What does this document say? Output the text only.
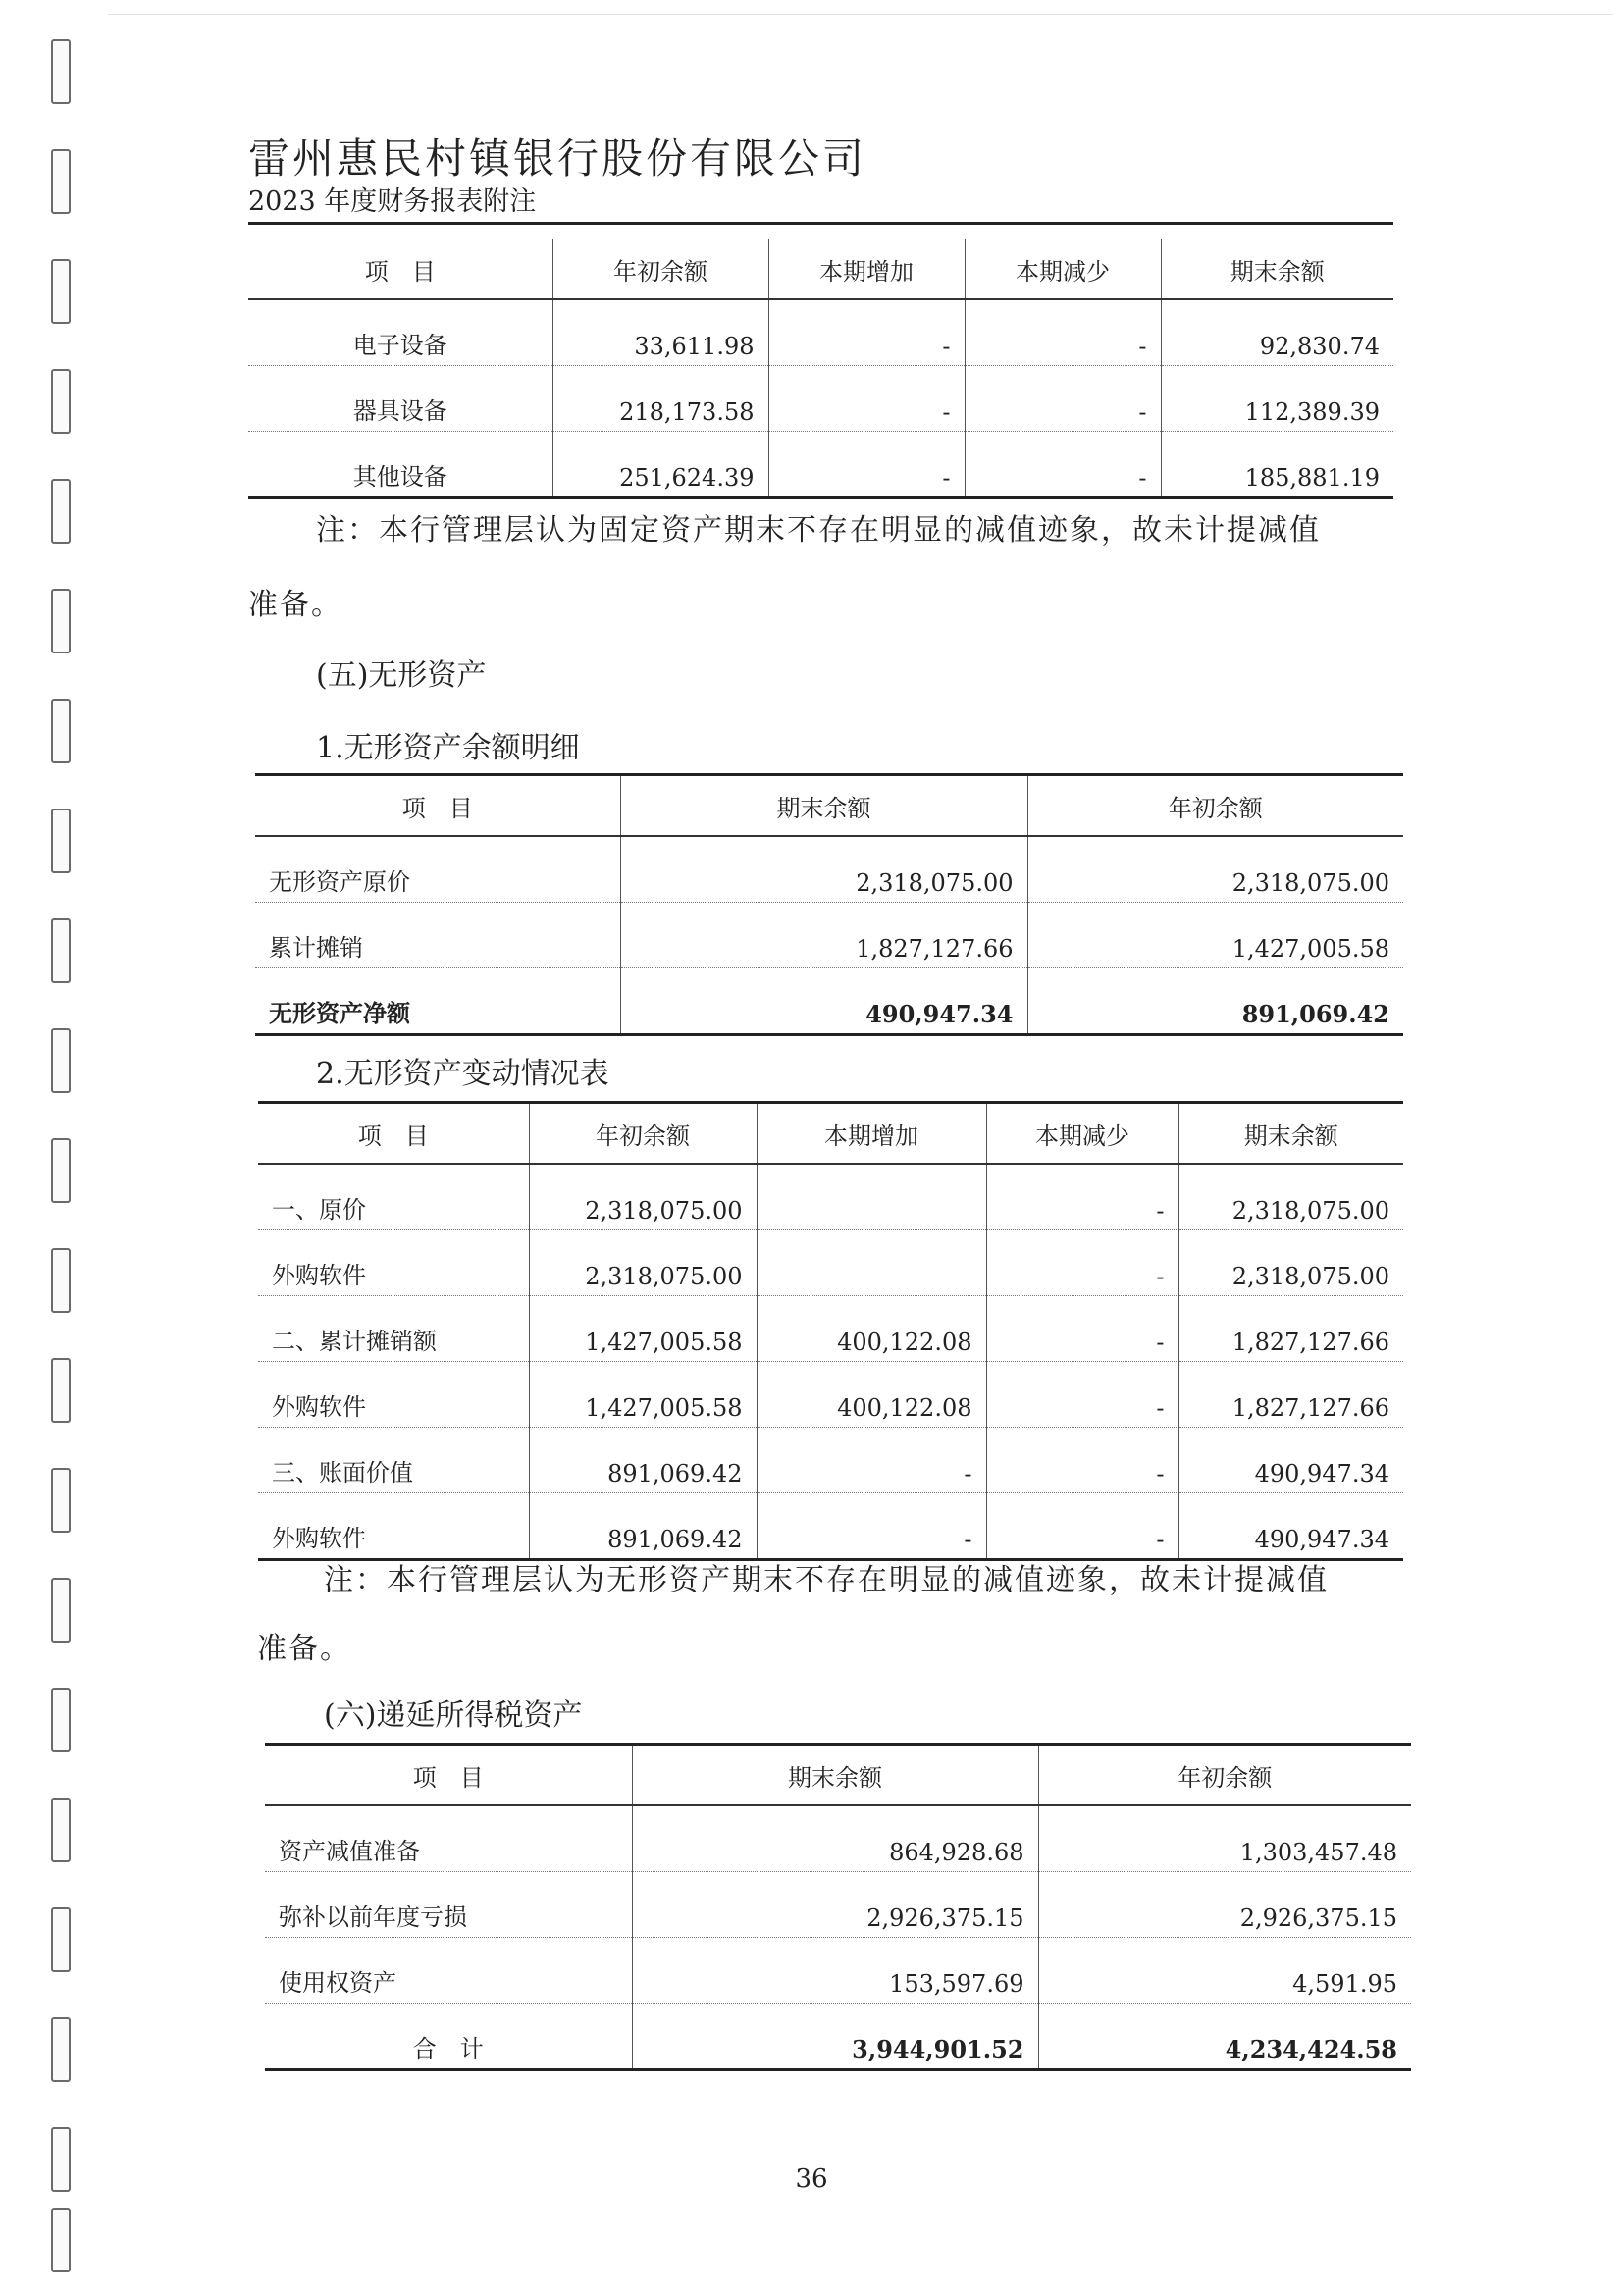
雷州惠民村镇银行股份有限公司
2023 年度财务报表附注
项　目	年初余额	本期增加	本期减少	期末余额
电子设备	33,611.98	-	-	92,830.74
器具设备	218,173.58	-	-	112,389.39
其他设备	251,624.39	-	-	185,881.19
注：本行管理层认为固定资产期末不存在明显的减值迹象，故未计提减值
准备。
(五)无形资产
1.无形资产余额明细
项　目	期末余额	年初余额
无形资产原价	2,318,075.00	2,318,075.00
累计摊销	1,827,127.66	1,427,005.58
无形资产净额	490,947.34	891,069.42
2.无形资产变动情况表
项　目	年初余额	本期增加	本期减少	期末余额
一、原价	2,318,075.00		-	2,318,075.00
外购软件	2,318,075.00		-	2,318,075.00
二、累计摊销额	1,427,005.58	400,122.08	-	1,827,127.66
外购软件	1,427,005.58	400,122.08	-	1,827,127.66
三、账面价值	891,069.42	-	-	490,947.34
外购软件	891,069.42	-	-	490,947.34
注：本行管理层认为无形资产期末不存在明显的减值迹象，故未计提减值
准备。
(六)递延所得税资产
项　目	期末余额	年初余额
资产减值准备	864,928.68	1,303,457.48
弥补以前年度亏损	2,926,375.15	2,926,375.15
使用权资产	153,597.69	4,591.95
合　计	3,944,901.52	4,234,424.58
36
